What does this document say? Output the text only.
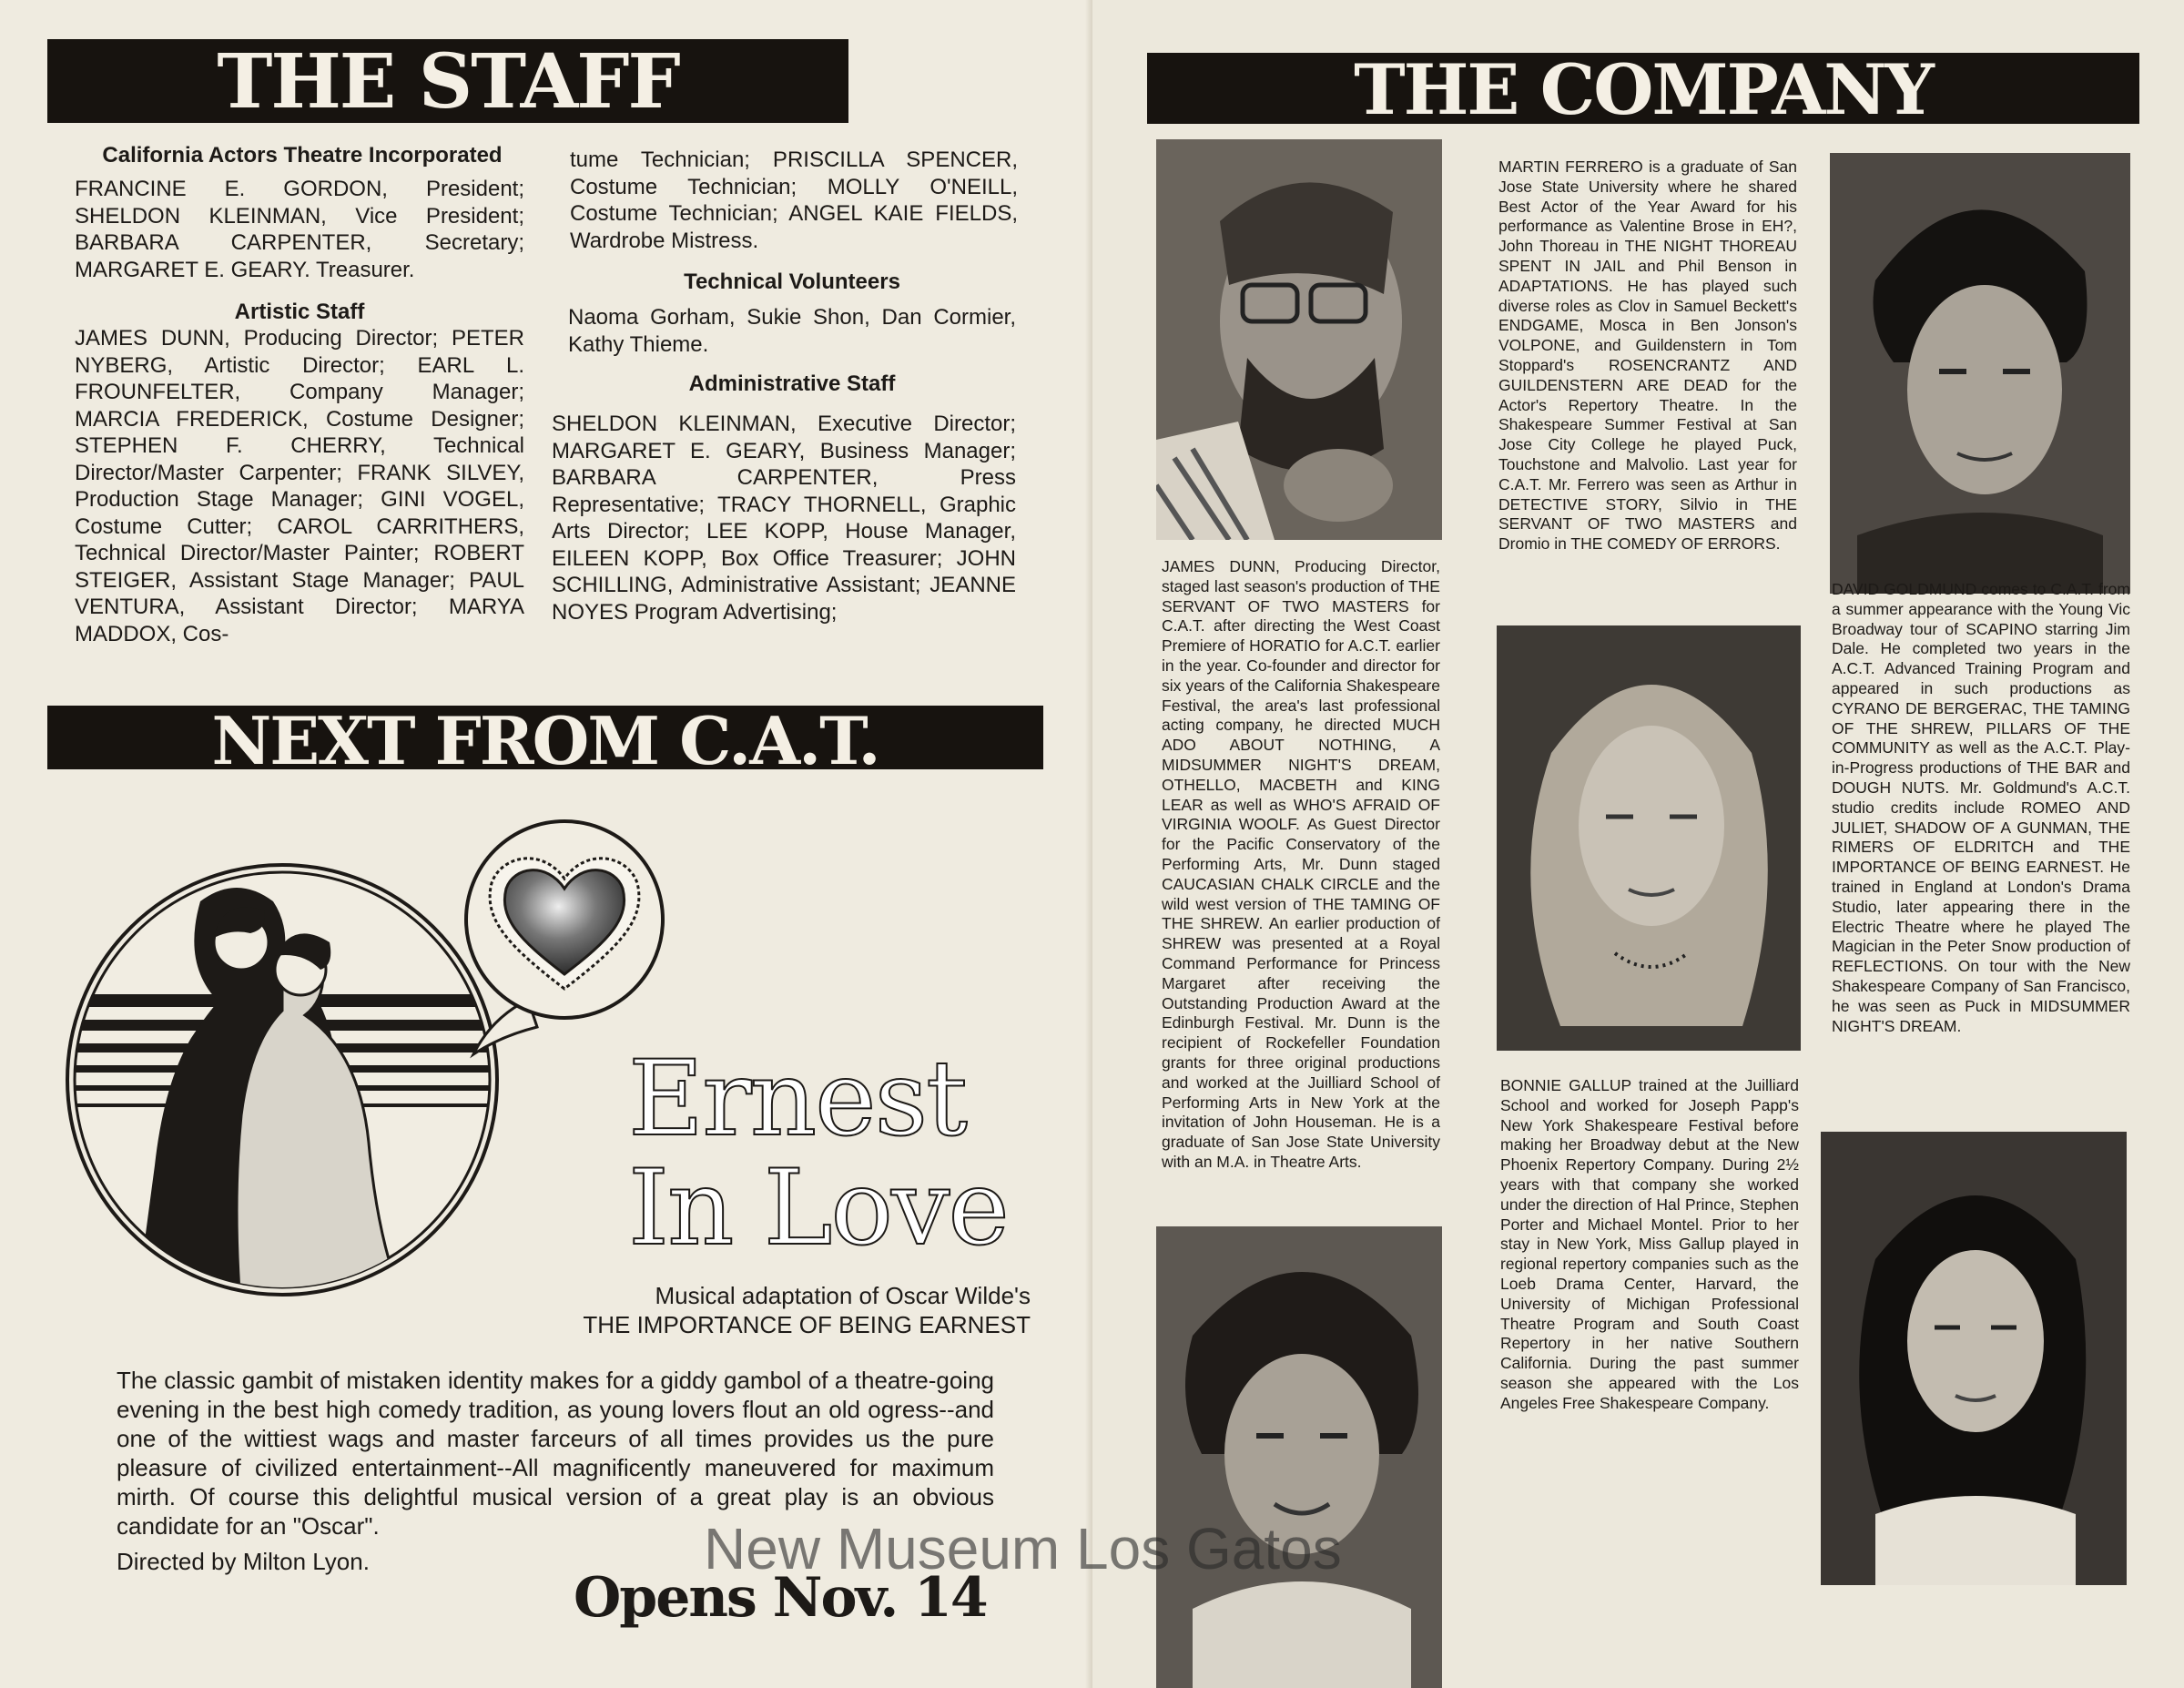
THE STAFF
California Actors Theatre Incorporated
FRANCINE E. GORDON, President; SHELDON KLEINMAN, Vice President; BARBARA CARPENTER, Secretary; MARGARET E. GEARY. Treasurer.
Artistic Staff
JAMES DUNN, Producing Director; PETER NYBERG, Artistic Director; EARL L. FROUNFELTER, Company Manager; MARCIA FREDERICK, Costume Designer; STEPHEN F. CHERRY, Technical Director/Master Carpenter; FRANK SILVEY, Production Stage Manager; GINI VOGEL, Costume Cutter; CAROL CARRITHERS, Technical Director/Master Painter; ROBERT STEIGER, Assistant Stage Manager; PAUL VENTURA, Assistant Director; MARYA MADDOX, Cos-
tume Technician; PRISCILLA SPENCER, Costume Technician; MOLLY O'NEILL, Costume Technician; ANGEL KAIE FIELDS, Wardrobe Mistress.
Technical Volunteers
Naoma Gorham, Sukie Shon, Dan Cormier, Kathy Thieme.
Administrative Staff
SHELDON KLEINMAN, Executive Director; MARGARET E. GEARY, Business Manager; BARBARA CARPENTER, Press Representative; TRACY THORNELL, Graphic Arts Director; LEE KOPP, House Manager, EILEEN KOPP, Box Office Treasurer; JOHN SCHILLING, Administrative Assistant; JEANNE NOYES Program Advertising;
NEXT FROM C.A.T.
Ernest
In Love
Musical adaptation of Oscar Wilde's
THE IMPORTANCE OF BEING EARNEST
The classic gambit of mistaken identity makes for a giddy gambol of a theatre-going evening in the best high comedy tradition, as young lovers flout an old ogress--and one of the wittiest wags and master farceurs of all times provides us the pure pleasure of civilized entertainment--All magnificently maneuvered for maximum mirth. Of course this delightful musical version of a great play is an obvious candidate for an "Oscar".
Directed by Milton Lyon.
Opens Nov. 14
THE COMPANY
JAMES DUNN, Producing Director, staged last season's production of THE SERVANT OF TWO MASTERS for C.A.T. after directing the West Coast Premiere of HORATIO for A.C.T. earlier in the year. Co-founder and director for six years of the California Shakespeare Festival, the area's last professional acting company, he directed MUCH ADO ABOUT NOTHING, A MIDSUMMER NIGHT'S DREAM, OTHELLO, MACBETH and KING LEAR as well as WHO'S AFRAID OF VIRGINIA WOOLF. As Guest Director for the Pacific Conservatory of the Performing Arts, Mr. Dunn staged CAUCASIAN CHALK CIRCLE and the wild west version of THE TAMING OF THE SHREW. An earlier production of SHREW was presented at a Royal Command Performance for Princess Margaret after receiving the Outstanding Production Award at the Edinburgh Festival. Mr. Dunn is the recipient of Rockefeller Foundation grants for three original productions and worked at the Juilliard School of Performing Arts in New York at the invitation of John Houseman. He is a graduate of San Jose State University with an M.A. in Theatre Arts.
MARTIN FERRERO is a graduate of San Jose State University where he shared Best Actor of the Year Award for his performance as Valentine Brose in EH?, John Thoreau in THE NIGHT THOREAU SPENT IN JAIL and Phil Benson in ADAPTATIONS. He has played such diverse roles as Clov in Samuel Beckett's ENDGAME, Mosca in Ben Jonson's VOLPONE, and Guildenstern in Tom Stoppard's ROSENCRANTZ AND GUILDENSTERN ARE DEAD for the Actor's Repertory Theatre. In the Shakespeare Summer Festival at San Jose City College he played Puck, Touchstone and Malvolio. Last year for C.A.T. Mr. Ferrero was seen as Arthur in DETECTIVE STORY, Silvio in THE SERVANT OF TWO MASTERS and Dromio in THE COMEDY OF ERRORS.
BONNIE GALLUP trained at the Juilliard School and worked for Joseph Papp's New York Shakespeare Festival before making her Broadway debut at the New Phoenix Repertory Company. During 2½ years with that company she worked under the direction of Hal Prince, Stephen Porter and Michael Montel. Prior to her stay in New York, Miss Gallup played in regional repertory companies such as the Loeb Drama Center, Harvard, the University of Michigan Professional Theatre Program and South Coast Repertory in her native Southern California. During the past summer season she appeared with the Los Angeles Free Shakespeare Company.
DAVID GOLDMUND comes to C.A.T. from a summer appearance with the Young Vic Broadway tour of SCAPINO starring Jim Dale. He completed two years in the A.C.T. Advanced Training Program and appeared in such productions as CYRANO DE BERGERAC, THE TAMING OF THE SHREW, PILLARS OF THE COMMUNITY as well as the A.C.T. Play-in-Progress productions of THE BAR and DOUGH NUTS. Mr. Goldmund's A.C.T. studio credits include ROMEO AND JULIET, SHADOW OF A GUNMAN, THE RIMERS OF ELDRITCH and THE IMPORTANCE OF BEING EARNEST. He trained in England at London's Drama Studio, later appearing there in the Electric Theatre where he played The Magician in the Peter Snow production of REFLECTIONS. On tour with the New Shakespeare Company of San Francisco, he was seen as Puck in MIDSUMMER NIGHT'S DREAM.
New Museum Los Gatos
